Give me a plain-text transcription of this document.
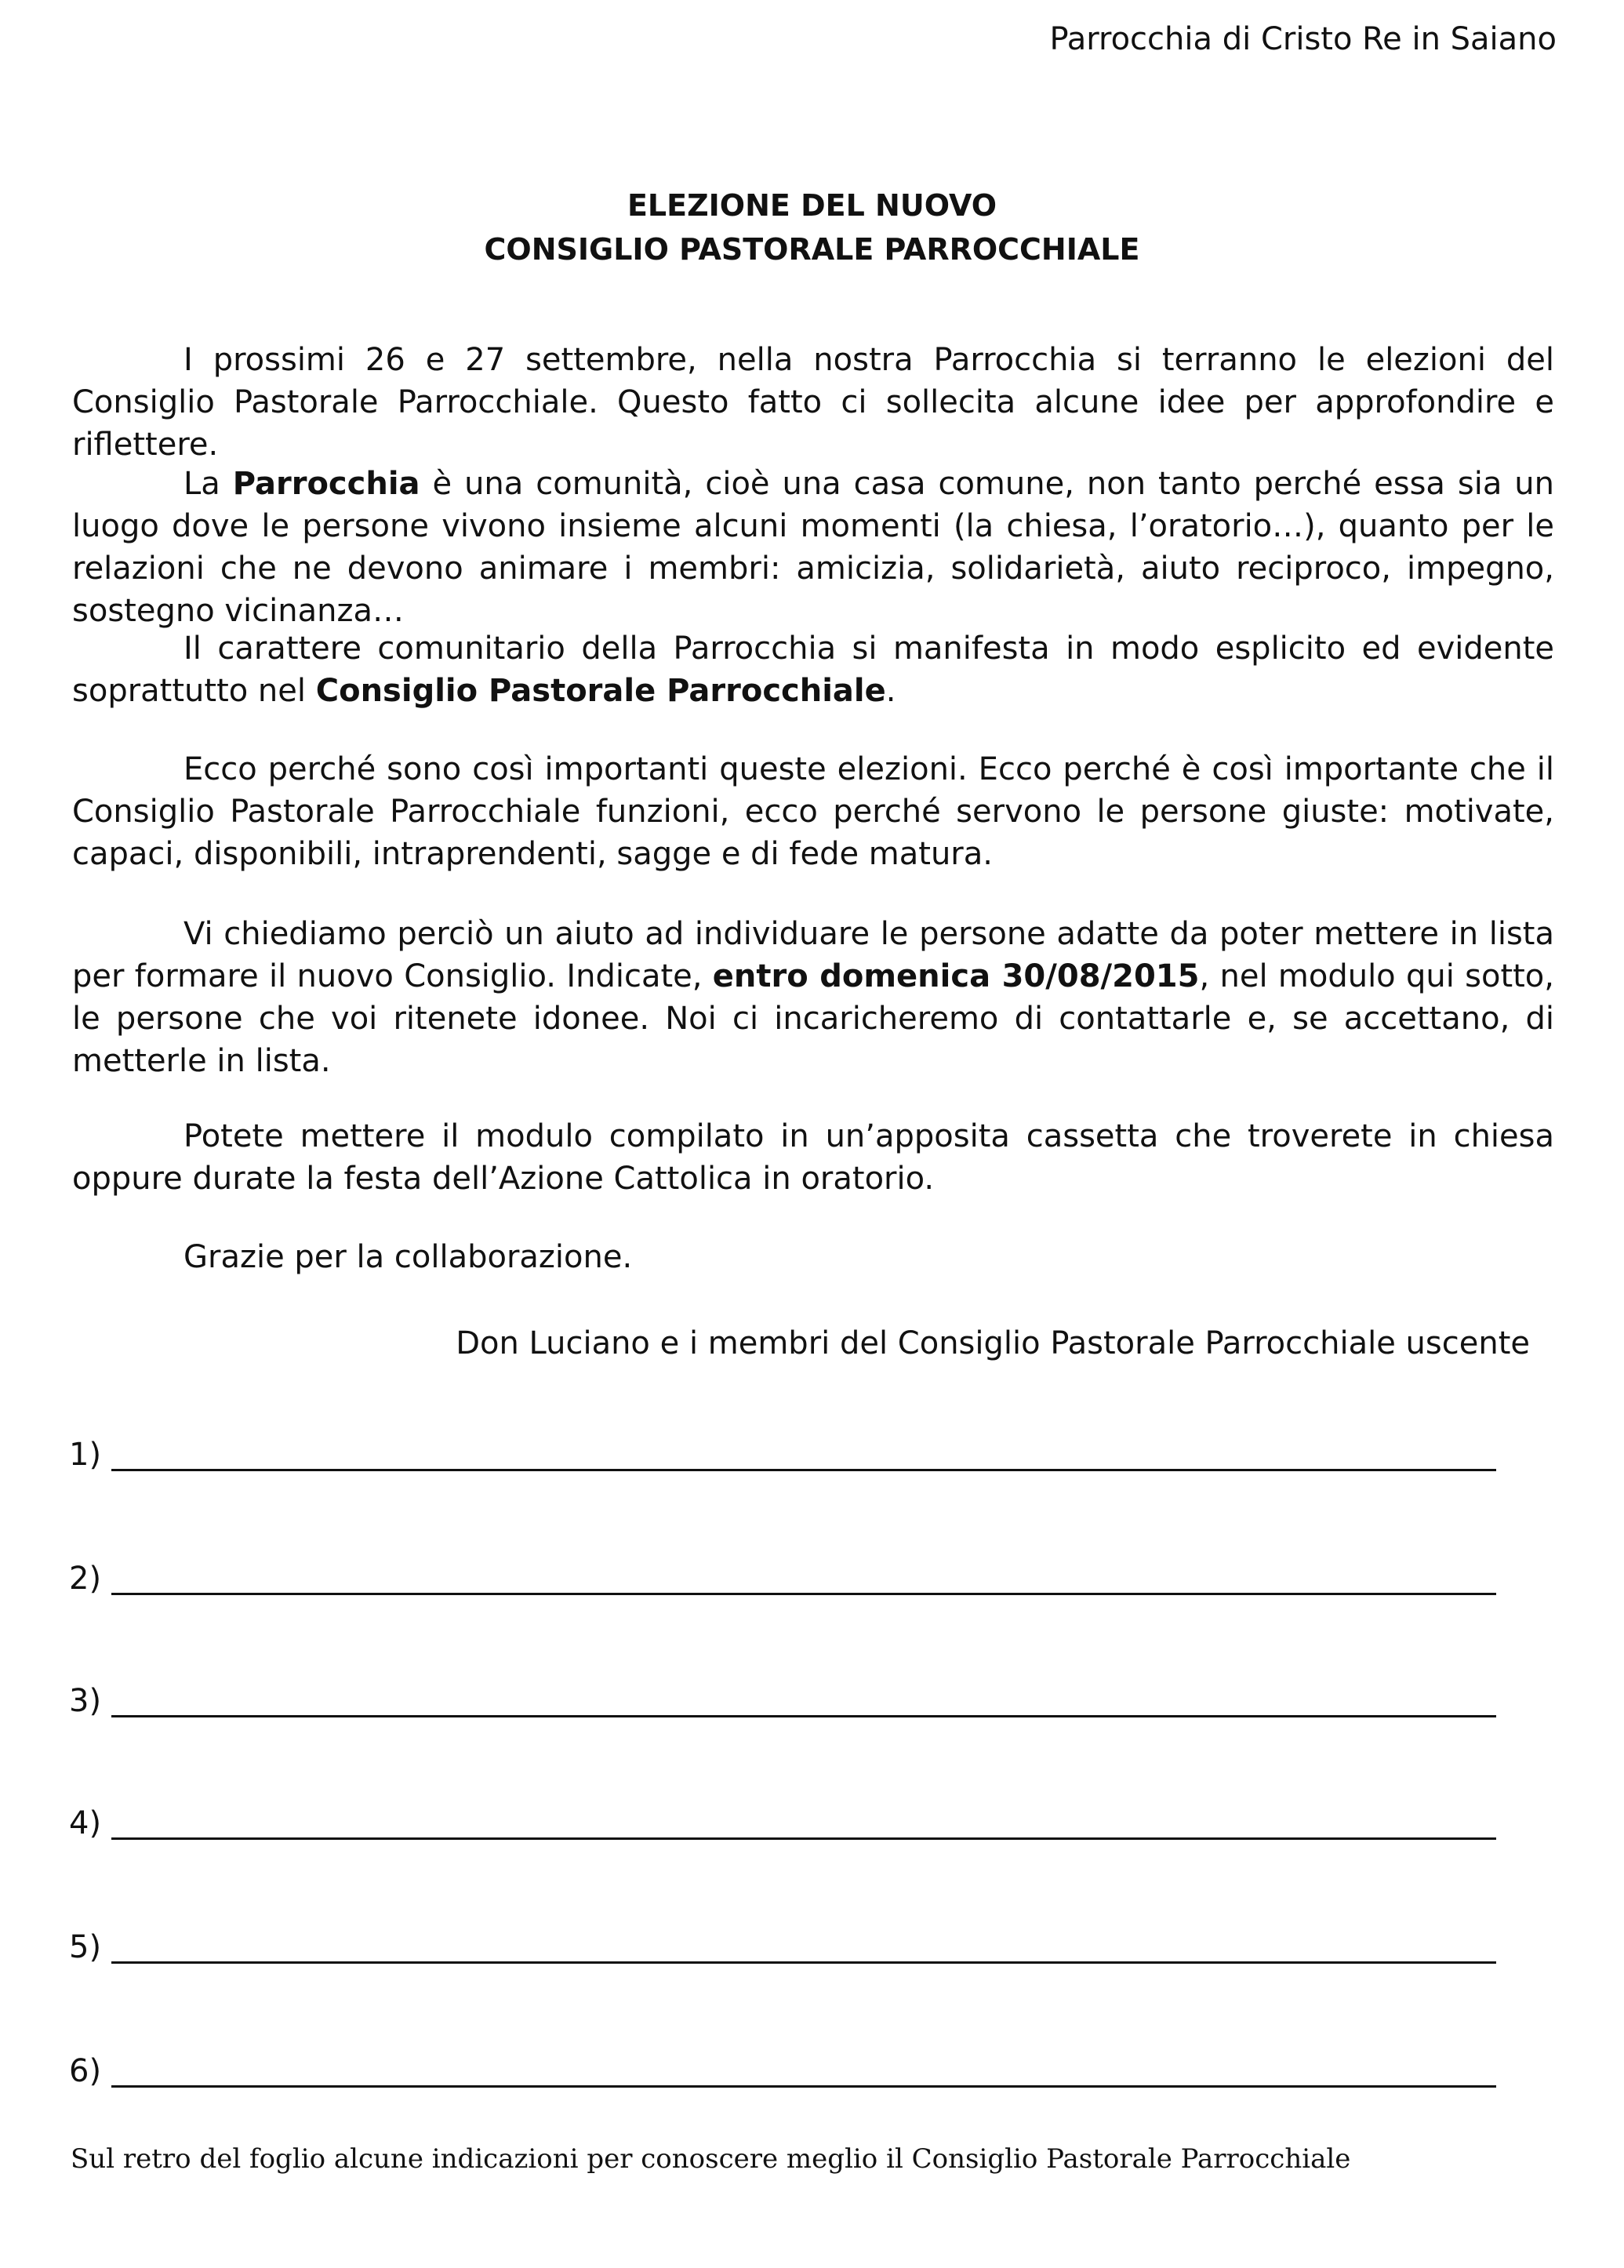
Parrocchia di Cristo Re in Saiano
ELEZIONE DEL NUOVO
CONSIGLIO PASTORALE PARROCCHIALE

I prossimi 26 e 27 settembre, nella nostra Parrocchia si terranno le elezioni del Consiglio Pastorale Parrocchiale. Questo fatto ci sollecita alcune idee per approfondire e riflettere.

La Parrocchia è una comunità, cioè una casa comune, non tanto perché essa sia un luogo dove le persone vivono insieme alcuni momenti (la chiesa, l’oratorio…), quanto per le relazioni che ne devono animare i membri: amicizia, solidarietà, aiuto reciproco, impegno, sostegno vicinanza…

Il carattere comunitario della Parrocchia si manifesta in modo esplicito ed evidente soprattutto nel Consiglio Pastorale Parrocchiale.

Ecco perché sono così importanti queste elezioni. Ecco perché è così importante che il Consiglio Pastorale Parrocchiale funzioni, ecco perché servono le persone giuste: motivate, capaci, disponibili, intraprendenti, sagge e di fede matura.

Vi chiediamo perciò un aiuto ad individuare le persone adatte da poter mettere in lista per formare il nuovo Consiglio. Indicate, entro domenica 30/08/2015, nel modulo qui sotto, le persone che voi ritenete idonee. Noi ci incaricheremo di contattarle e, se accettano, di metterle in lista.

Potete mettere il modulo compilato in un’apposita cassetta che troverete in chiesa oppure durate la festa dell’Azione Cattolica in oratorio.

Grazie per la collaborazione.
Don Luciano e i membri del Consiglio Pastorale Parrocchiale uscente
1)
2)
3)
4)
5)
6)
Sul retro del foglio alcune indicazioni per conoscere meglio il Consiglio Pastorale Parrocchiale
